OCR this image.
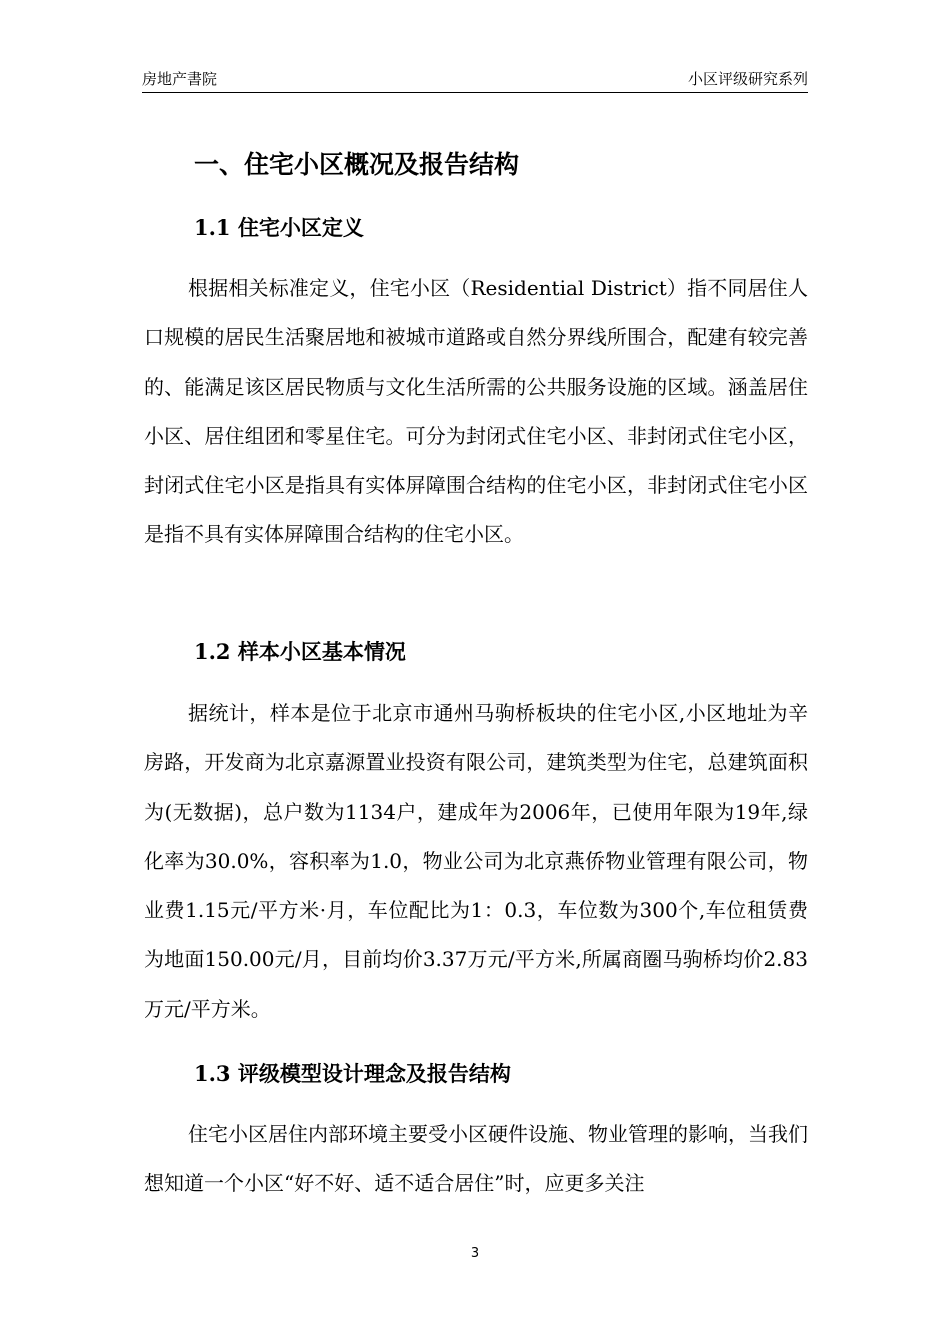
房地产書院	小区评级研究系列
一、住宅小区概况及报告结构
1.1 住宅小区定义
根据相关标准定义，住宅小区（Residential District）指不同居住人口规模的居民生活聚居地和被城市道路或自然分界线所围合，配建有较完善的、能满足该区居民物质与文化生活所需的公共服务设施的区域。涵盖居住小区、居住组团和零星住宅。可分为封闭式住宅小区、非封闭式住宅小区，封闭式住宅小区是指具有实体屏障围合结构的住宅小区，非封闭式住宅小区是指不具有实体屏障围合结构的住宅小区。
1.2 样本小区基本情况
据统计，样本是位于北京市通州马驹桥板块的住宅小区,小区地址为辛房路，开发商为北京嘉源置业投资有限公司，建筑类型为住宅，总建筑面积为(无数据)，总户数为1134户，建成年为2006年，已使用年限为19年,绿化率为30.0%，容积率为1.0，物业公司为北京燕侨物业管理有限公司，物业费1.15元/平方米·月，车位配比为1：0.3，车位数为300个,车位租赁费为地面150.00元/月，目前均价3.37万元/平方米,所属商圈马驹桥均价2.83万元/平方米。
1.3 评级模型设计理念及报告结构
住宅小区居住内部环境主要受小区硬件设施、物业管理的影响，当我们想知道一个小区“好不好、适不适合居住”时，应更多关注
3
